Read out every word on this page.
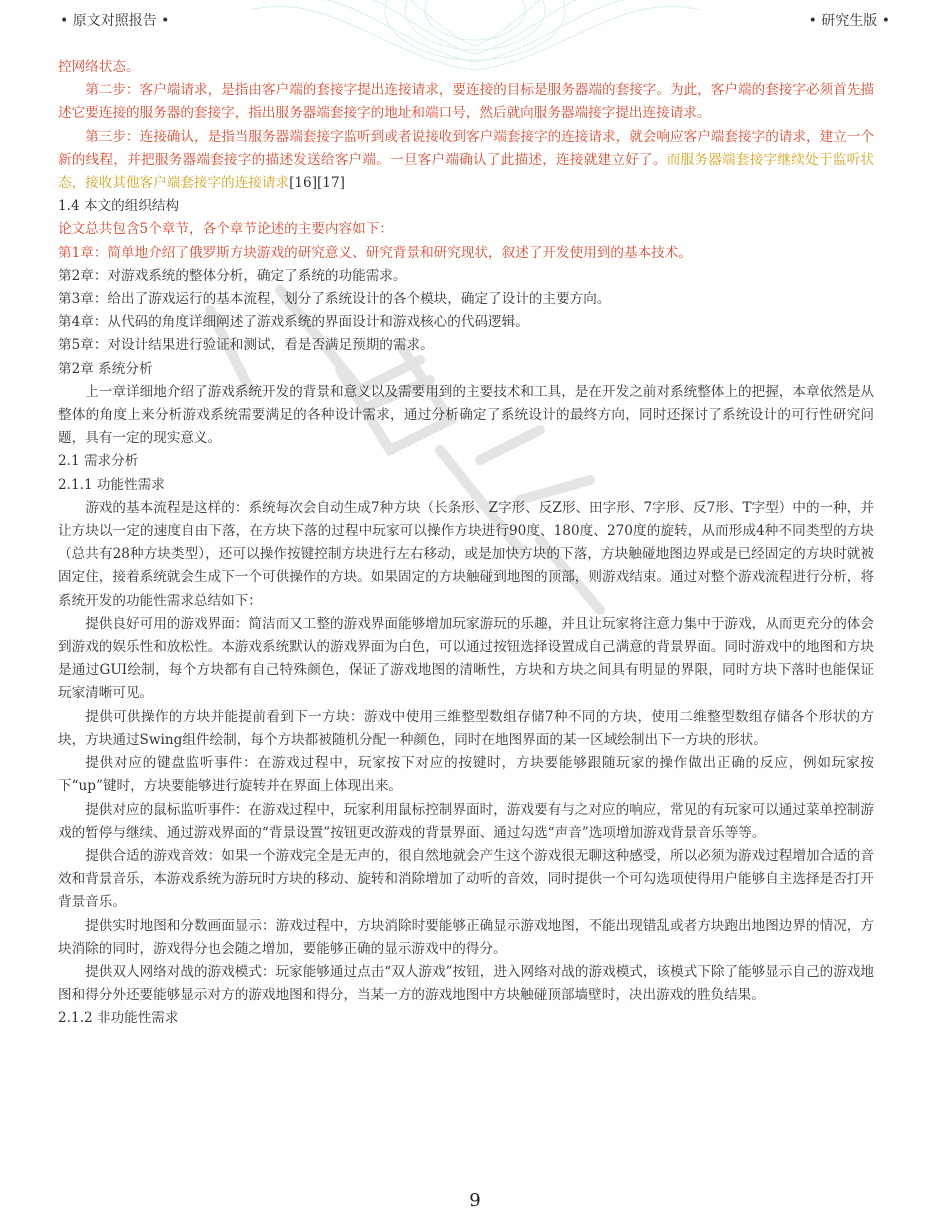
• 原文对照报告 •	• 研究生版 •

控网络状态。

第二步：客户端请求，是指由客户端的套接字提出连接请求，要连接的目标是服务器端的套接字。为此，客户端的套接字必须首先描述它要连接的服务器的套接字，指出服务器端套接字的地址和端口号，然后就向服务器端接字提出连接请求。

第三步：连接确认，是指当服务器端套接字监听到或者说接收到客户端套接字的连接请求，就会响应客户端套接字的请求，建立一个新的线程，并把服务器端套接字的描述发送给客户端。一旦客户端确认了此描述，连接就建立好了。而服务器端套接字继续处于监听状态，接收其他客户端套接字的连接请求[16][17]

1.4 本文的组织结构

论文总共包含5个章节，各个章节论述的主要内容如下：

第1章：简单地介绍了俄罗斯方块游戏的研究意义、研究背景和研究现状，叙述了开发使用到的基本技术。

第2章：对游戏系统的整体分析，确定了系统的功能需求。

第3章：给出了游戏运行的基本流程，划分了系统设计的各个模块，确定了设计的主要方向。

第4章：从代码的角度详细阐述了游戏系统的界面设计和游戏核心的代码逻辑。

第5章：对设计结果进行验证和测试，看是否满足预期的需求。

第2章 系统分析

上一章详细地介绍了游戏系统开发的背景和意义以及需要用到的主要技术和工具，是在开发之前对系统整体上的把握，本章依然是从整体的角度上来分析游戏系统需要满足的各种设计需求，通过分析确定了系统设计的最终方向，同时还探讨了系统设计的可行性研究问题，具有一定的现实意义。

2.1 需求分析

2.1.1 功能性需求

游戏的基本流程是这样的：系统每次会自动生成7种方块（长条形、Z字形、反Z形、田字形、7字形、反7形、T字型）中的一种，并让方块以一定的速度自由下落，在方块下落的过程中玩家可以操作方块进行90度、180度、270度的旋转，从而形成4种不同类型的方块（总共有28种方块类型），还可以操作按键控制方块进行左右移动，或是加快方块的下落，方块触碰地图边界或是已经固定的方块时就被固定住，接着系统就会生成下一个可供操作的方块。如果固定的方块触碰到地图的顶部，则游戏结束。通过对整个游戏流程进行分析，将系统开发的功能性需求总结如下：

提供良好可用的游戏界面：简洁而又工整的游戏界面能够增加玩家游玩的乐趣，并且让玩家将注意力集中于游戏，从而更充分的体会到游戏的娱乐性和放松性。本游戏系统默认的游戏界面为白色，可以通过按钮选择设置成自己满意的背景界面。同时游戏中的地图和方块是通过GUI绘制，每个方块都有自己特殊颜色，保证了游戏地图的清晰性，方块和方块之间具有明显的界限，同时方块下落时也能保证玩家清晰可见。

提供可供操作的方块并能提前看到下一方块：游戏中使用三维整型数组存储7种不同的方块，使用二维整型数组存储各个形状的方块，方块通过Swing组件绘制，每个方块都被随机分配一种颜色，同时在地图界面的某一区域绘制出下一方块的形状。

提供对应的键盘监听事件：在游戏过程中，玩家按下对应的按键时，方块要能够跟随玩家的操作做出正确的反应，例如玩家按下“up”键时，方块要能够进行旋转并在界面上体现出来。

提供对应的鼠标监听事件：在游戏过程中，玩家利用鼠标控制界面时，游戏要有与之对应的响应，常见的有玩家可以通过菜单控制游戏的暂停与继续、通过游戏界面的“背景设置”按钮更改游戏的背景界面、通过勾选“声音”选项增加游戏背景音乐等等。

提供合适的游戏音效：如果一个游戏完全是无声的，很自然地就会产生这个游戏很无聊这种感受，所以必须为游戏过程增加合适的音效和背景音乐，本游戏系统为游玩时方块的移动、旋转和消除增加了动听的音效，同时提供一个可勾选项使得用户能够自主选择是否打开背景音乐。

提供实时地图和分数画面显示：游戏过程中，方块消除时要能够正确显示游戏地图，不能出现错乱或者方块跑出地图边界的情况，方块消除的同时，游戏得分也会随之增加，要能够正确的显示游戏中的得分。

提供双人网络对战的游戏模式：玩家能够通过点击“双人游戏”按钮，进入网络对战的游戏模式，该模式下除了能够显示自己的游戏地图和得分外还要能够显示对方的游戏地图和得分，当某一方的游戏地图中方块触碰顶部墙壁时，决出游戏的胜负结果。

2.1.2 非功能性需求

9
